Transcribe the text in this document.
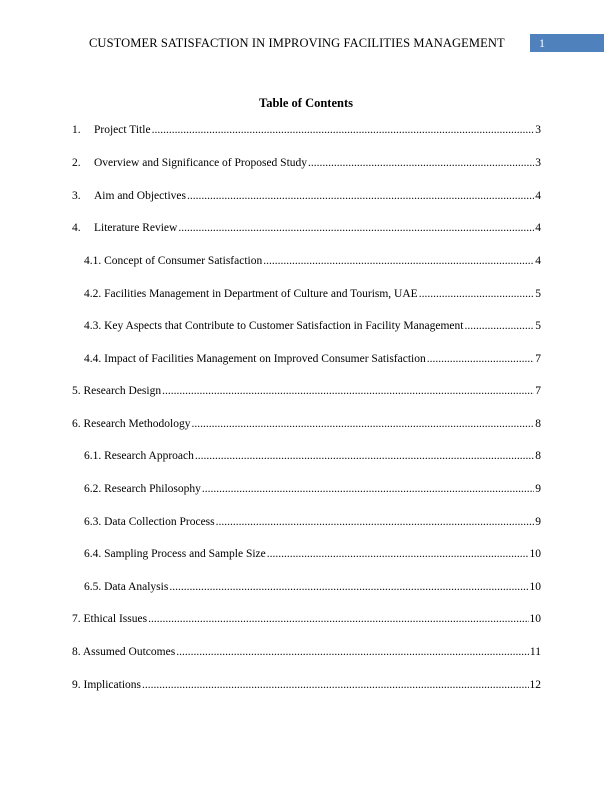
CUSTOMER SATISFACTION IN IMPROVING FACILITIES MANAGEMENT	1
Table of Contents
1.	Project Title .....	3
2.	Overview and Significance of Proposed Study .....	3
3.	Aim and Objectives .....	4
4.	Literature Review .....	4
4.1. Concept of Consumer Satisfaction .....	4
4.2. Facilities Management in Department of Culture and Tourism, UAE .....	5
4.3. Key Aspects that Contribute to Customer Satisfaction in Facility Management .....	5
4.4. Impact of Facilities Management on Improved Consumer Satisfaction .....	7
5. Research Design .....	7
6. Research Methodology .....	8
6.1. Research Approach .....	8
6.2. Research Philosophy .....	9
6.3. Data Collection Process .....	9
6.4. Sampling Process and Sample Size .....	10
6.5. Data Analysis .....	10
7. Ethical Issues .....	10
8. Assumed Outcomes .....	11
9. Implications .....	12
